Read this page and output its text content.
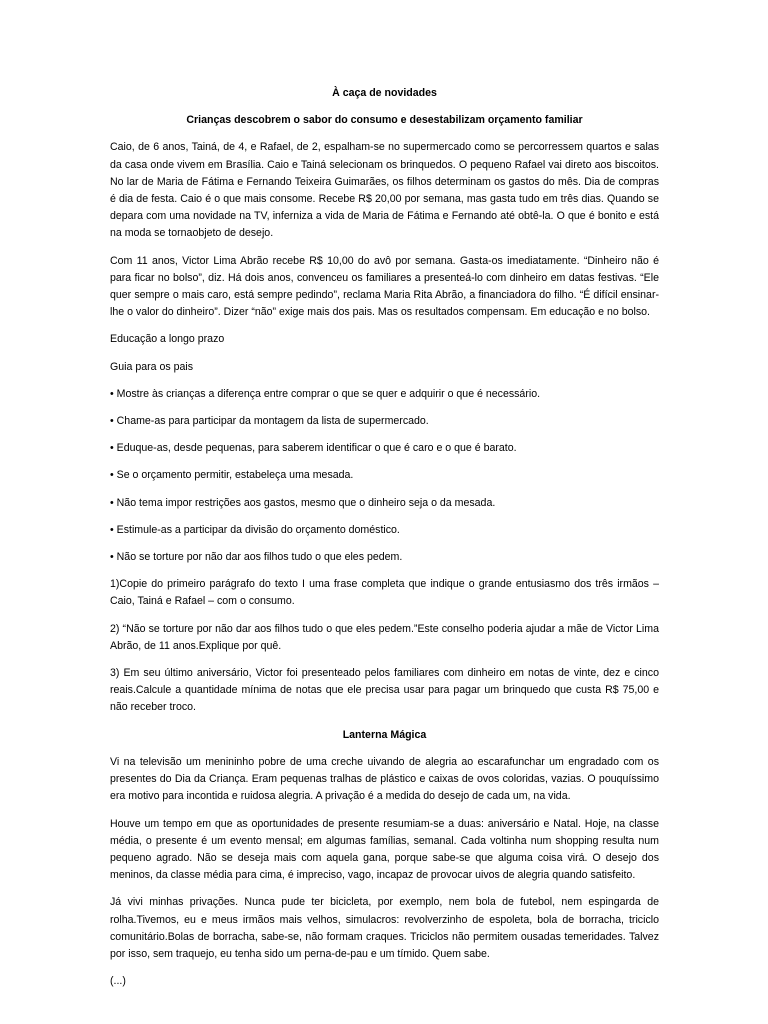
À caça de novidades
Crianças descobrem o sabor do consumo e desestabilizam orçamento familiar

Caio, de 6 anos, Tainá, de 4, e Rafael, de 2, espalham-se no supermercado como se percorressem quartos e salas da casa onde vivem em Brasília. Caio e Tainá selecionam os brinquedos. O pequeno Rafael vai direto aos biscoitos. No lar de Maria de Fátima e Fernando Teixeira Guimarães, os filhos determinam os gastos do mês. Dia de compras é dia de festa. Caio é o que mais consome. Recebe R$ 20,00 por semana, mas gasta tudo em três dias. Quando se depara com uma novidade na TV, inferniza a vida de Maria de Fátima e Fernando até obtê-la. O que é bonito e está na moda se tornaobjeto de desejo.

Com 11 anos, Victor Lima Abrão recebe R$ 10,00 do avô por semana. Gasta-os imediatamente. “Dinheiro não é para ficar no bolso”, diz. Há dois anos, convenceu os familiares a presenteá-lo com dinheiro em datas festivas. “Ele quer sempre o mais caro, está sempre pedindo”, reclama Maria Rita Abrão, a financiadora do filho. “É difícil ensinar-lhe o valor do dinheiro”. Dizer “não” exige mais dos pais. Mas os resultados compensam. Em educação e no bolso.

Educação a longo prazo

Guia para os pais

• Mostre às crianças a diferença entre comprar o que se quer e adquirir o que é necessário.

• Chame-as para participar da montagem da lista de supermercado.

• Eduque-as, desde pequenas, para saberem identificar o que é caro e o que é barato.

• Se o orçamento permitir, estabeleça uma mesada.

• Não tema impor restrições aos gastos, mesmo que o dinheiro seja o da mesada.

• Estimule-as a participar da divisão do orçamento doméstico.

• Não se torture por não dar aos filhos tudo o que eles pedem.

1)Copie do primeiro parágrafo do texto I uma frase completa que indique o grande entusiasmo dos três irmãos –Caio, Tainá e Rafael – com o consumo.

2) “Não se torture por não dar aos filhos tudo o que eles pedem.”Este conselho poderia ajudar a mãe de Victor Lima Abrão, de 11 anos.Explique por quê.

3) Em seu último aniversário, Victor foi presenteado pelos familiares com dinheiro em notas de vinte, dez e cinco reais.Calcule a quantidade mínima de notas que ele precisa usar para pagar um brinquedo que custa R$ 75,00 e não receber troco.

Lanterna Mágica

Vi na televisão um menininho pobre de uma creche uivando de alegria ao escarafunchar um engradado com os presentes do Dia da Criança. Eram pequenas tralhas de plástico e caixas de ovos coloridas, vazias. O pouquíssimo era motivo para incontida e ruidosa alegria. A privação é a medida do desejo de cada um, na vida.

Houve um tempo em que as oportunidades de presente resumiam-se a duas: aniversário e Natal. Hoje, na classe média, o presente é um evento mensal; em algumas famílias, semanal. Cada voltinha num shopping resulta num pequeno agrado. Não se deseja mais com aquela gana, porque sabe-se que alguma coisa virá. O desejo dos meninos, da classe média para cima, é impreciso, vago, incapaz de provocar uivos de alegria quando satisfeito.

Já vivi minhas privações. Nunca pude ter bicicleta, por exemplo, nem bola de futebol, nem espingarda de rolha.Tivemos, eu e meus irmãos mais velhos, simulacros: revolverzinho de espoleta, bola de borracha, triciclo comunitário.Bolas de borracha, sabe-se, não formam craques. Triciclos não permitem ousadas temeridades. Talvez por isso, sem traquejo, eu tenha sido um perna-de-pau e um tímido. Quem sabe.

(...)
